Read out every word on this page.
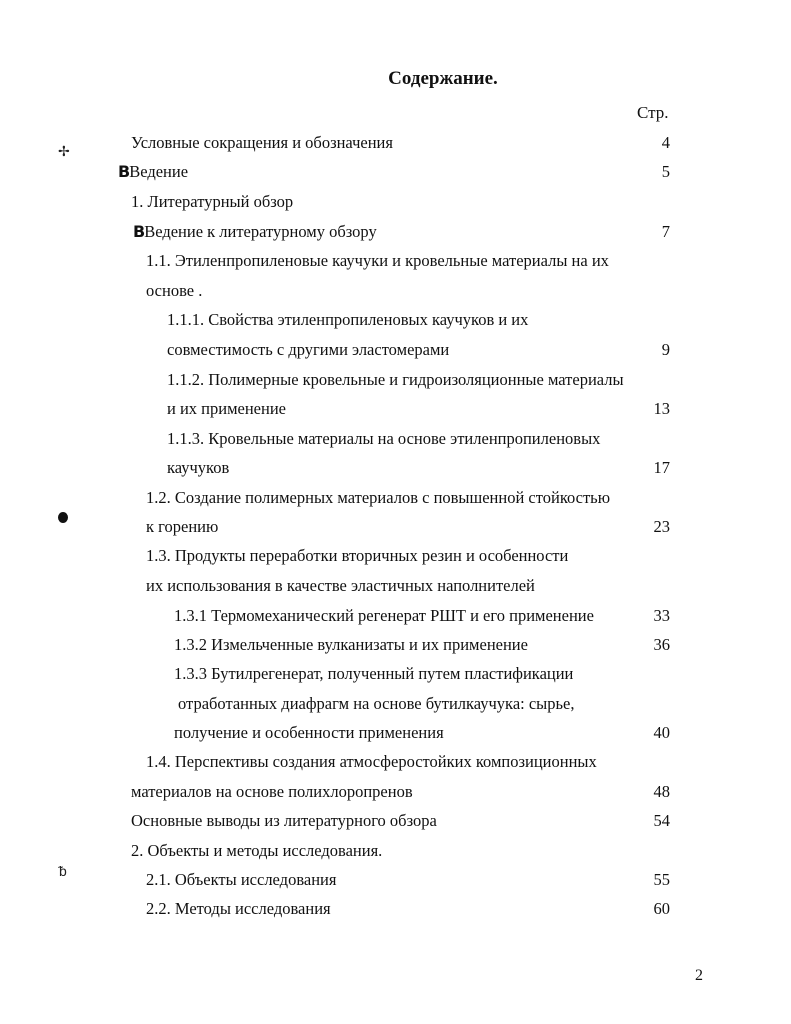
Содержание.
Стр.
✢
ᵬ
Условные сокращения и обозначения	4
ВВедение	5
1. Литературный обзор
ВВедение к литературному обзору	7
1.1. Этиленпропиленовые каучуки и кровельные материалы на их
основе .
1.1.1. Свойства этиленпропиленовых каучуков и их
совместимость с другими эластомерами	9
1.1.2. Полимерные кровельные и гидроизоляционные материалы
и их применение	13
1.1.3. Кровельные материалы на основе этиленпропиленовых
каучуков	17
1.2. Создание полимерных материалов с повышенной стойкостью
к горению	23
1.3. Продукты переработки вторичных резин и особенности
их использования в качестве эластичных наполнителей
1.3.1 Термомеханический регенерат РШТ и его применение	33
1.3.2 Измельченные вулканизаты и их применение	36
1.3.3 Бутилрегенерат, полученный путем пластификации
отработанных диафрагм на основе бутилкаучука: сырье,
получение и особенности применения	40
1.4. Перспективы создания атмосферостойких композиционных
материалов на основе полихлоропренов	48
Основные выводы из литературного обзора	54
2. Объекты и методы исследования.
2.1. Объекты исследования	55
2.2. Методы исследования	60
2
